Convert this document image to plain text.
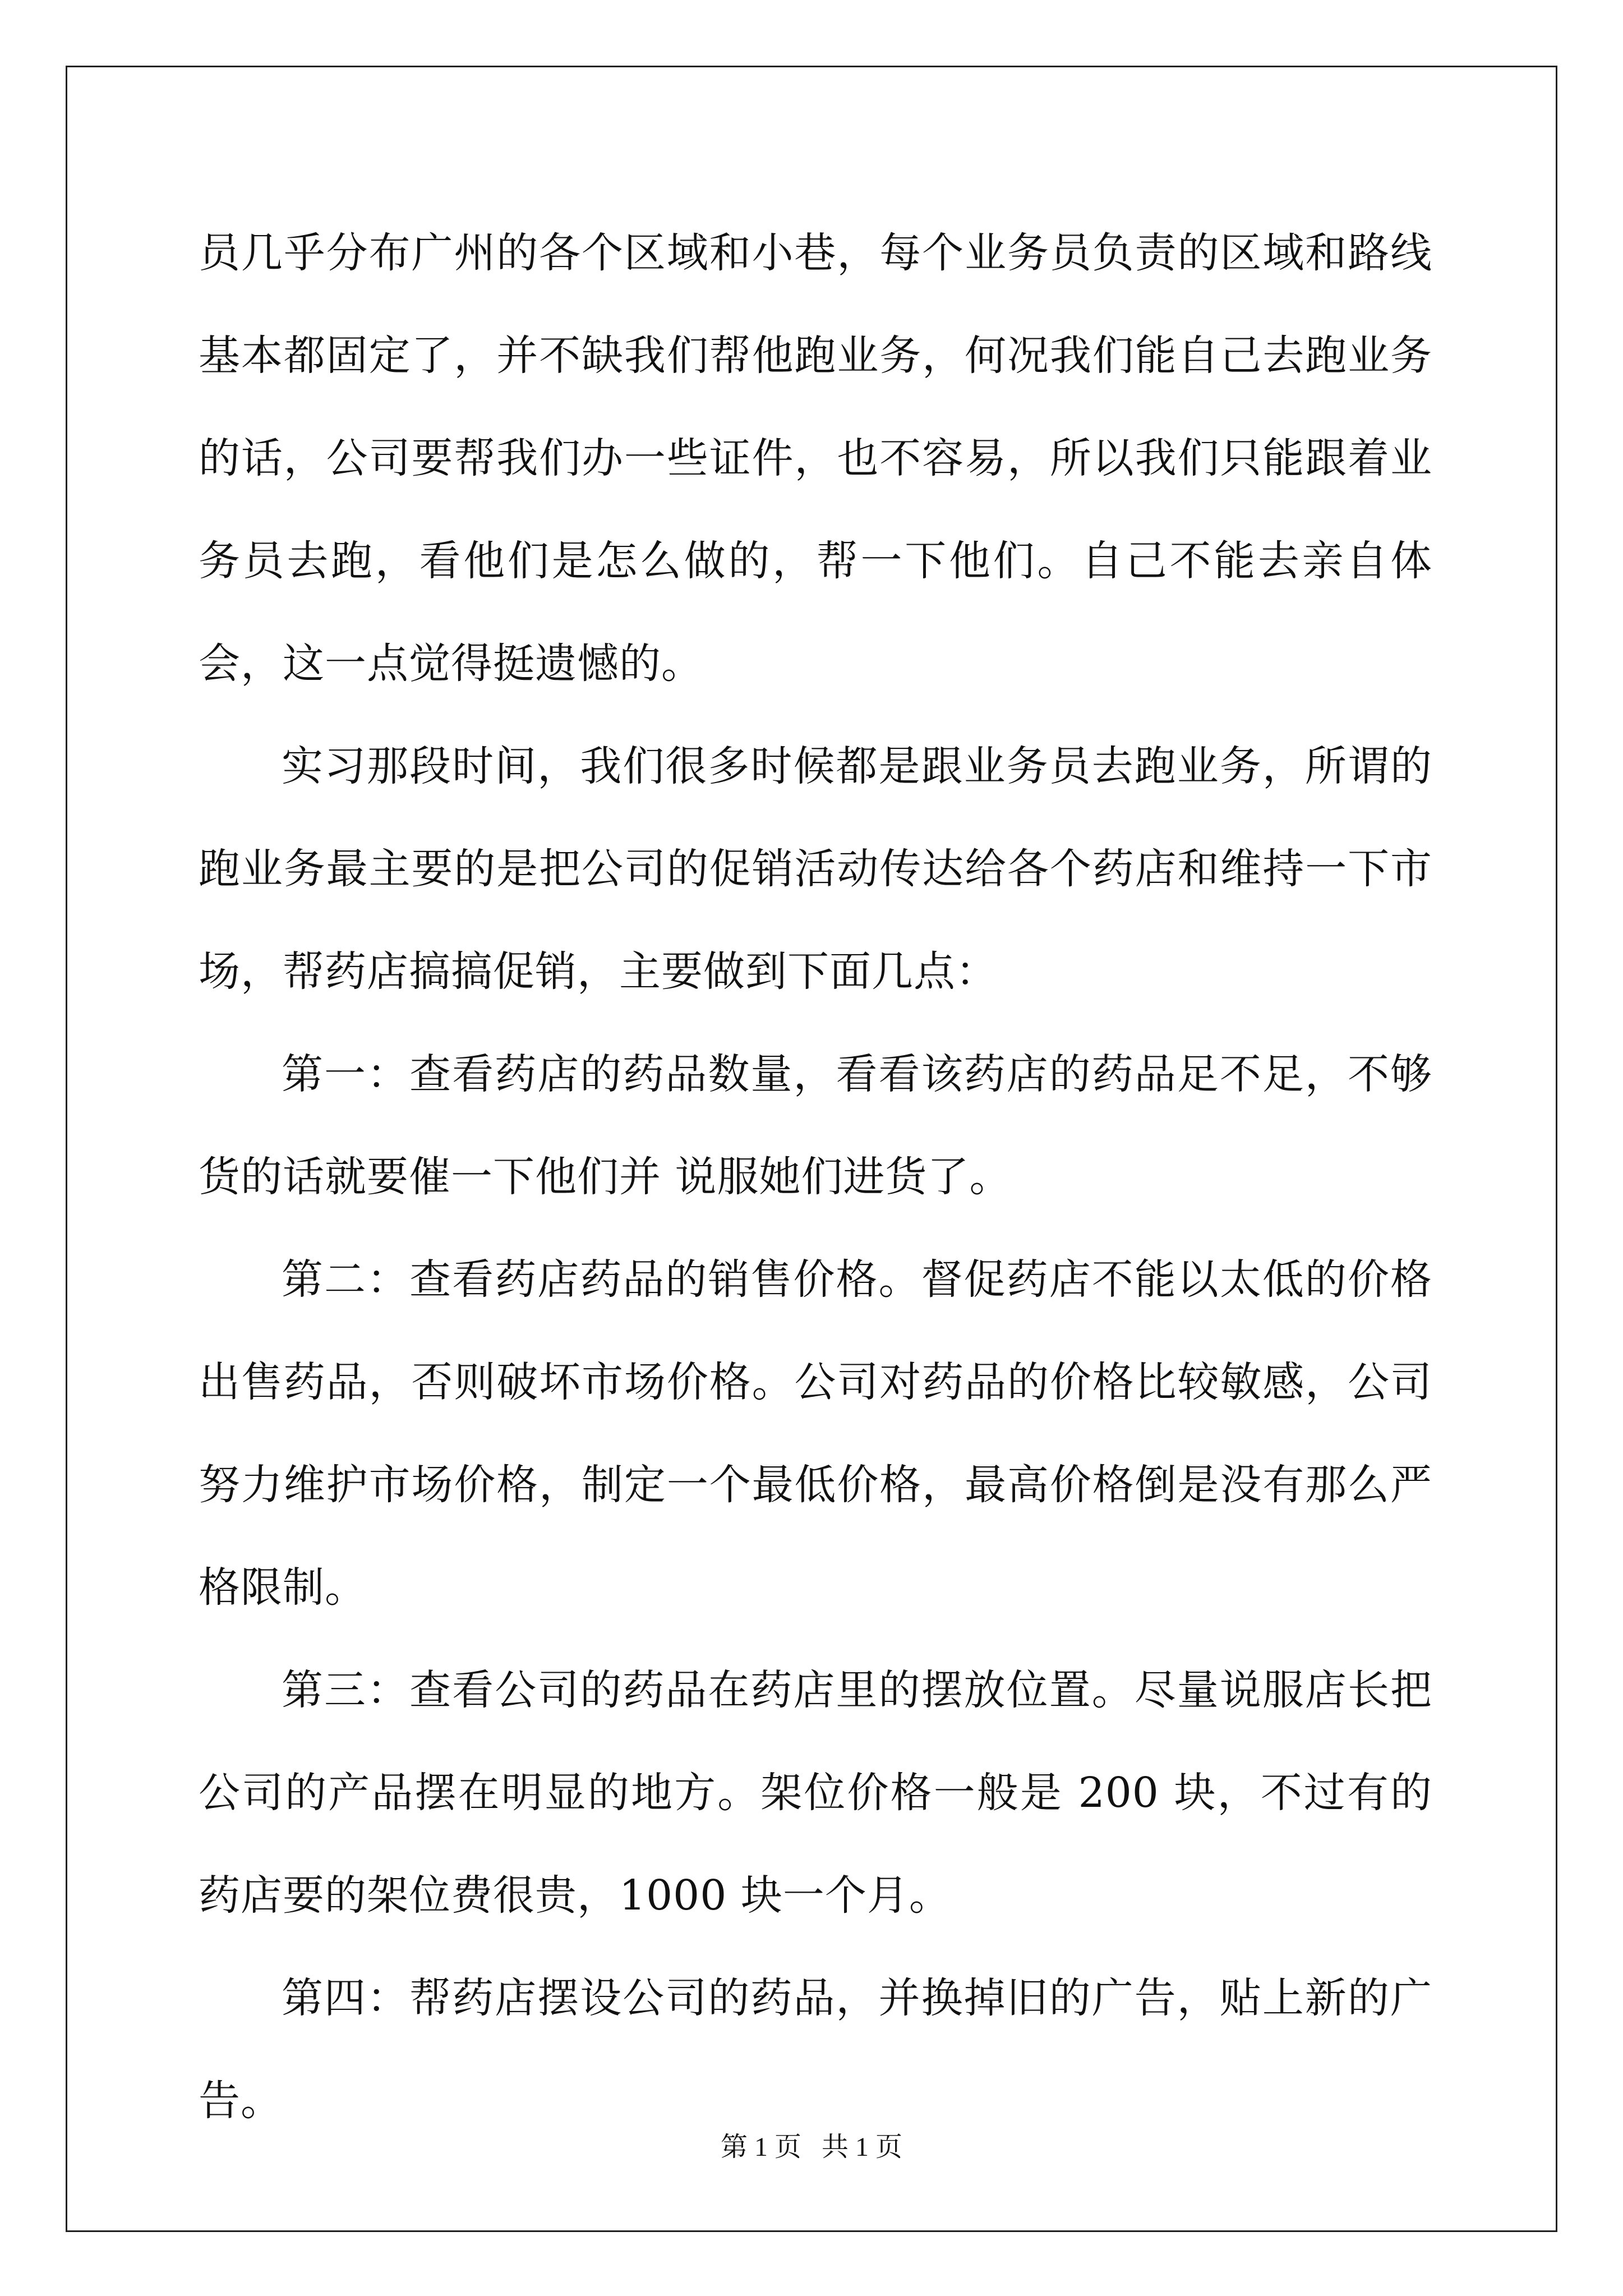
员几乎分布广州的各个区域和小巷，每个业务员负责的区域和路线基本都固定了，并不缺我们帮他跑业务，何况我们能自己去跑业务的话，公司要帮我们办一些证件，也不容易，所以我们只能跟着业务员去跑，看他们是怎么做的，帮一下他们。自己不能去亲自体会，这一点觉得挺遗憾的。

实习那段时间，我们很多时候都是跟业务员去跑业务，所谓的跑业务最主要的是把公司的促销活动传达给各个药店和维持一下市场，帮药店搞搞促销，主要做到下面几点：

第一：查看药店的药品数量，看看该药店的药品足不足，不够货的话就要催一下他们并 说服她们进货了。

第二：查看药店药品的销售价格。督促药店不能以太低的价格出售药品，否则破坏市场价格。公司对药品的价格比较敏感，公司努力维护市场价格，制定一个最低价格，最高价格倒是没有那么严格限制。

第三：查看公司的药品在药店里的摆放位置。尽量说服店长把公司的产品摆在明显的地方。架位价格一般是 200 块，不过有的药店要的架位费很贵，1000 块一个月。

第四：帮药店摆设公司的药品，并换掉旧的广告，贴上新的广告。

第 1 页   共 1 页
